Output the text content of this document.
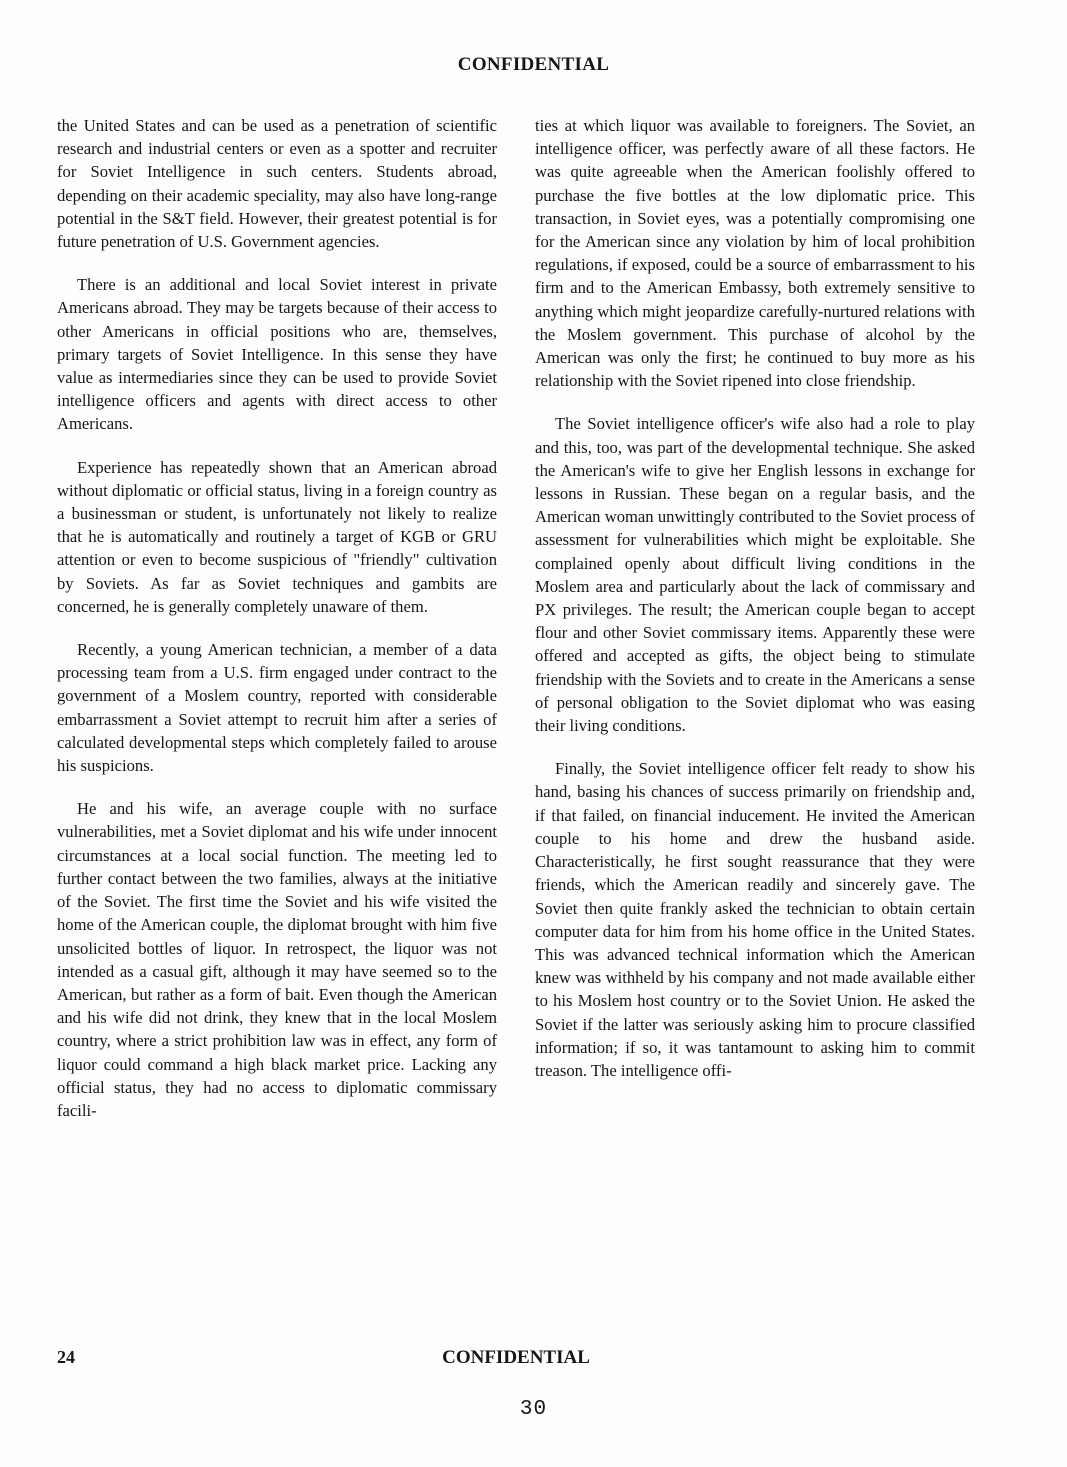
CONFIDENTIAL

the United States and can be used as a penetration of scientific research and industrial centers or even as a spotter and recruiter for Soviet Intelligence in such centers. Students abroad, depending on their academic speciality, may also have long-range potential in the S&T field. However, their greatest potential is for future penetration of U.S. Government agencies.

There is an additional and local Soviet interest in private Americans abroad. They may be targets because of their access to other Americans in official positions who are, themselves, primary targets of Soviet Intelligence. In this sense they have value as intermediaries since they can be used to provide Soviet intelligence officers and agents with direct access to other Americans.

Experience has repeatedly shown that an American abroad without diplomatic or official status, living in a foreign country as a businessman or student, is unfortunately not likely to realize that he is automatically and routinely a target of KGB or GRU attention or even to become suspicious of "friendly" cultivation by Soviets. As far as Soviet techniques and gambits are concerned, he is generally completely unaware of them.

Recently, a young American technician, a member of a data processing team from a U.S. firm engaged under contract to the government of a Moslem country, reported with considerable embarrassment a Soviet attempt to recruit him after a series of calculated developmental steps which completely failed to arouse his suspicions.

He and his wife, an average couple with no surface vulnerabilities, met a Soviet diplomat and his wife under innocent circumstances at a local social function. The meeting led to further contact between the two families, always at the initiative of the Soviet. The first time the Soviet and his wife visited the home of the American couple, the diplomat brought with him five unsolicited bottles of liquor. In retrospect, the liquor was not intended as a casual gift, although it may have seemed so to the American, but rather as a form of bait. Even though the American and his wife did not drink, they knew that in the local Moslem country, where a strict prohibition law was in effect, any form of liquor could command a high black market price. Lacking any official status, they had no access to diplomatic commissary facili-

ties at which liquor was available to foreigners. The Soviet, an intelligence officer, was perfectly aware of all these factors. He was quite agreeable when the American foolishly offered to purchase the five bottles at the low diplomatic price. This transaction, in Soviet eyes, was a potentially compromising one for the American since any violation by him of local prohibition regulations, if exposed, could be a source of embarrassment to his firm and to the American Embassy, both extremely sensitive to anything which might jeopardize carefully-nurtured relations with the Moslem government. This purchase of alcohol by the American was only the first; he continued to buy more as his relationship with the Soviet ripened into close friendship.

The Soviet intelligence officer's wife also had a role to play and this, too, was part of the developmental technique. She asked the American's wife to give her English lessons in exchange for lessons in Russian. These began on a regular basis, and the American woman unwittingly contributed to the Soviet process of assessment for vulnerabilities which might be exploitable. She complained openly about difficult living conditions in the Moslem area and particularly about the lack of commissary and PX privileges. The result; the American couple began to accept flour and other Soviet commissary items. Apparently these were offered and accepted as gifts, the object being to stimulate friendship with the Soviets and to create in the Americans a sense of personal obligation to the Soviet diplomat who was easing their living conditions.

Finally, the Soviet intelligence officer felt ready to show his hand, basing his chances of success primarily on friendship and, if that failed, on financial inducement. He invited the American couple to his home and drew the husband aside. Characteristically, he first sought reassurance that they were friends, which the American readily and sincerely gave. The Soviet then quite frankly asked the technician to obtain certain computer data for him from his home office in the United States. This was advanced technical information which the American knew was withheld by his company and not made available either to his Moslem host country or to the Soviet Union. He asked the Soviet if the latter was seriously asking him to procure classified information; if so, it was tantamount to asking him to commit treason. The intelligence offi-

24	CONFIDENTIAL
30
